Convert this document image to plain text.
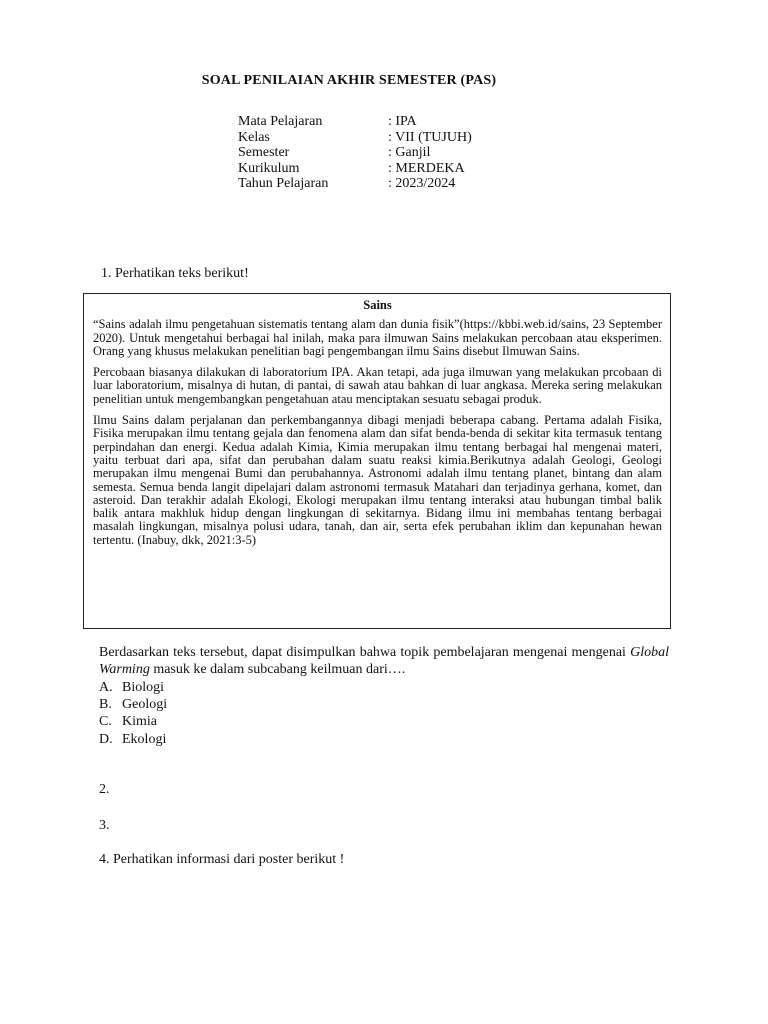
SOAL PENILAIAN AKHIR SEMESTER (PAS)
Mata Pelajaran	: IPA
Kelas	: VII (TUJUH)
Semester	: Ganjil
Kurikulum	: MERDEKA
Tahun Pelajaran	: 2023/2024
1. Perhatikan teks berikut!
Sains

“Sains adalah ilmu pengetahuan sistematis tentang alam dan dunia fisik”(https://kbbi.web.id/sains, 23 September 2020). Untuk mengetahui berbagai hal inilah, maka para ilmuwan Sains melakukan percobaan atau eksperimen. Orang yang khusus melakukan penelitian bagi pengembangan ilmu Sains disebut Ilmuwan Sains.

Percobaan biasanya dilakukan di laboratorium IPA. Akan tetapi, ada juga ilmuwan yang melakukan prcobaan di luar laboratorium, misalnya di hutan, di pantai, di sawah atau bahkan di luar angkasa. Mereka sering melakukan penelitian untuk mengembangkan pengetahuan atau menciptakan sesuatu sebagai produk.

Ilmu Sains dalam perjalanan dan perkembangannya dibagi menjadi beberapa cabang. Pertama adalah Fisika, Fisika merupakan ilmu tentang gejala dan fenomena alam dan sifat benda-benda di sekitar kita termasuk tentang perpindahan dan energi. Kedua adalah Kimia, Kimia merupakan ilmu tentang berbagai hal mengenai materi, yaitu terbuat dari apa, sifat dan perubahan dalam suatu reaksi kimia.Berikutnya adalah Geologi, Geologi merupakan ilmu mengenai Bumi dan perubahannya. Astronomi adalah ilmu tentang planet, bintang dan alam semesta. Semua benda langit dipelajari dalam astronomi termasuk Matahari dan terjadinya gerhana, komet, dan asteroid. Dan terakhir adalah Ekologi, Ekologi merupakan ilmu tentang interaksi atau hubungan timbal balik balik antara makhluk hidup dengan lingkungan di sekitarnya. Bidang ilmu ini membahas tentang berbagai masalah lingkungan, misalnya polusi udara, tanah, dan air, serta efek perubahan iklim dan kepunahan hewan tertentu. (Inabuy, dkk, 2021:3-5)

Berdasarkan teks tersebut, dapat disimpulkan bahwa topik pembelajaran mengenai mengenai Global Warming masuk ke dalam subcabang keilmuan dari….
A. Biologi
B. Geologi
C. Kimia
D. Ekologi
2.
3.
4. Perhatikan informasi dari poster berikut !
